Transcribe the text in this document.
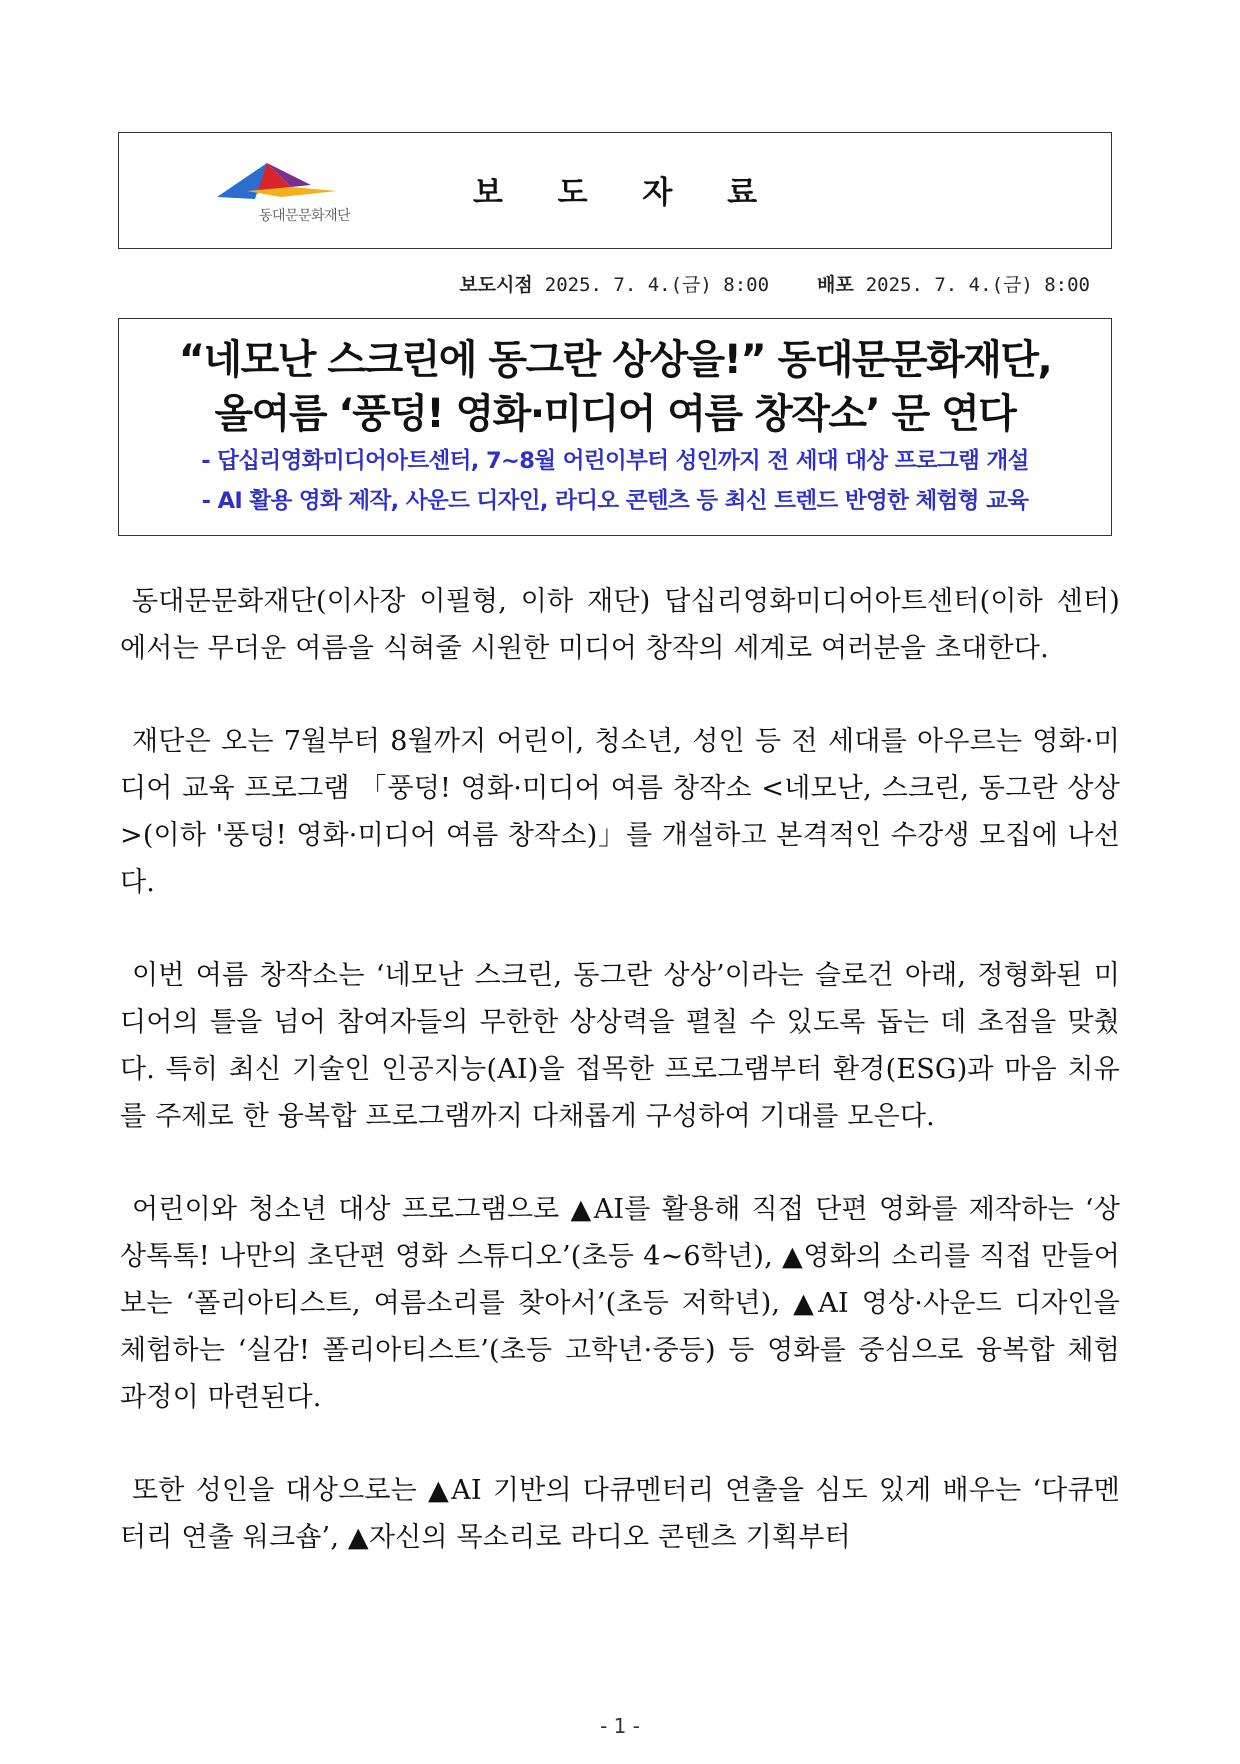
동대문문화재단
보 도 자 료
보도시점 2025. 7. 4.(금) 8:00	배포 2025. 7. 4.(금) 8:00
“네모난 스크린에 동그란 상상을!” 동대문문화재단,
올여름 ‘풍덩! 영화·미디어 여름 창작소’ 문 연다
- 답십리영화미디어아트센터, 7~8월 어린이부터 성인까지 전 세대 대상 프로그램 개설
- AI 활용 영화 제작, 사운드 디자인, 라디오 콘텐츠 등 최신 트렌드 반영한 체험형 교육

동대문문화재단(이사장 이필형, 이하 재단) 답십리영화미디어아트센터(이하 센터)에서는 무더운 여름을 식혀줄 시원한 미디어 창작의 세계로 여러분을 초대한다.

재단은 오는 7월부터 8월까지 어린이, 청소년, 성인 등 전 세대를 아우르는 영화·미디어 교육 프로그램 「풍덩! 영화·미디어 여름 창작소 <네모난, 스크린, 동그란 상상>(이하 '풍덩! 영화·미디어 여름 창작소)」를 개설하고 본격적인 수강생 모집에 나선다.

이번 여름 창작소는 ‘네모난 스크린, 동그란 상상’이라는 슬로건 아래, 정형화된 미디어의 틀을 넘어 참여자들의 무한한 상상력을 펼칠 수 있도록 돕는 데 초점을 맞췄다. 특히 최신 기술인 인공지능(AI)을 접목한 프로그램부터 환경(ESG)과 마음 치유를 주제로 한 융복합 프로그램까지 다채롭게 구성하여 기대를 모은다.

어린이와 청소년 대상 프로그램으로 ▲AI를 활용해 직접 단편 영화를 제작하는 ‘상상톡톡! 나만의 초단편 영화 스튜디오’(초등 4~6학년), ▲영화의 소리를 직접 만들어보는 ‘폴리아티스트, 여름소리를 찾아서’(초등 저학년), ▲AI 영상·사운드 디자인을 체험하는 ‘실감! 폴리아티스트’(초등 고학년·중등) 등 영화를 중심으로 융복합 체험 과정이 마련된다.

또한 성인을 대상으로는 ▲AI 기반의 다큐멘터리 연출을 심도 있게 배우는 ‘다큐멘터리 연출 워크숍’, ▲자신의 목소리로 라디오 콘텐츠 기획부터

- 1 -
